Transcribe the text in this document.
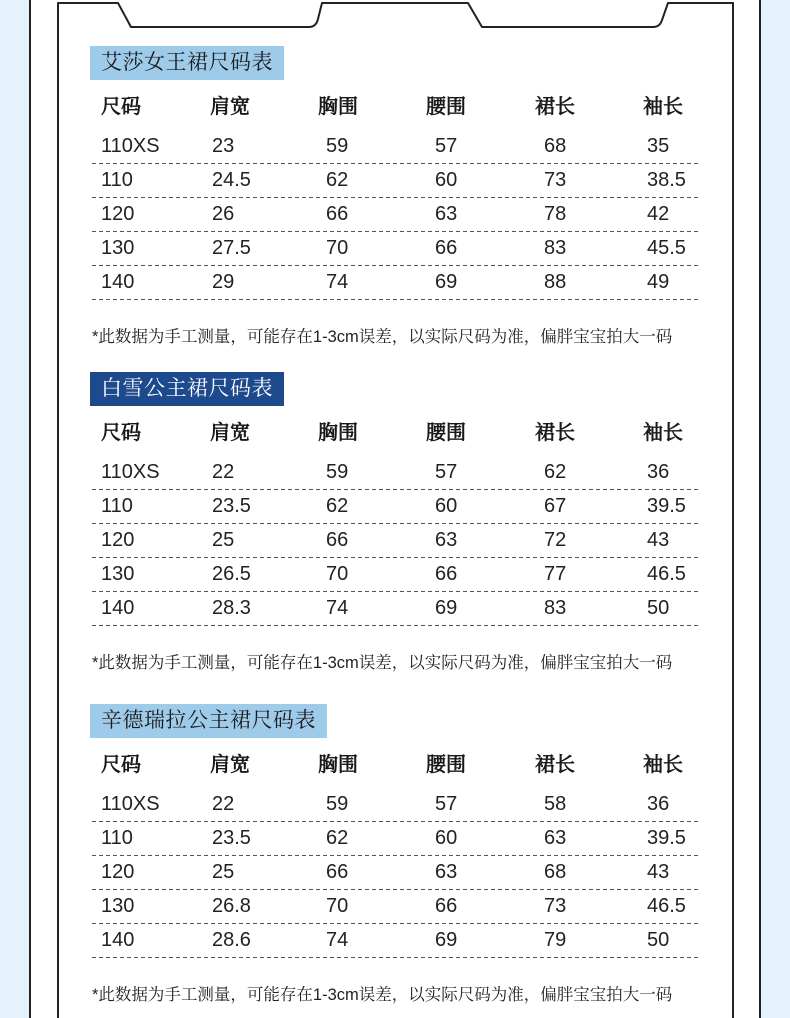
艾莎女王裙尺码表
尺码	肩宽	胸围	腰围	裙长	袖长
110XS	23	59	57	68	35
110	24.5	62	60	73	38.5
120	26	66	63	78	42
130	27.5	70	66	83	45.5
140	29	74	69	88	49
*此数据为手工测量，可能存在1-3cm误差，以实际尺码为准，偏胖宝宝拍大一码
白雪公主裙尺码表
尺码	肩宽	胸围	腰围	裙长	袖长
110XS	22	59	57	62	36
110	23.5	62	60	67	39.5
120	25	66	63	72	43
130	26.5	70	66	77	46.5
140	28.3	74	69	83	50
*此数据为手工测量，可能存在1-3cm误差，以实际尺码为准，偏胖宝宝拍大一码
辛德瑞拉公主裙尺码表
尺码	肩宽	胸围	腰围	裙长	袖长
110XS	22	59	57	58	36
110	23.5	62	60	63	39.5
120	25	66	63	68	43
130	26.8	70	66	73	46.5
140	28.6	74	69	79	50
*此数据为手工测量，可能存在1-3cm误差，以实际尺码为准，偏胖宝宝拍大一码
